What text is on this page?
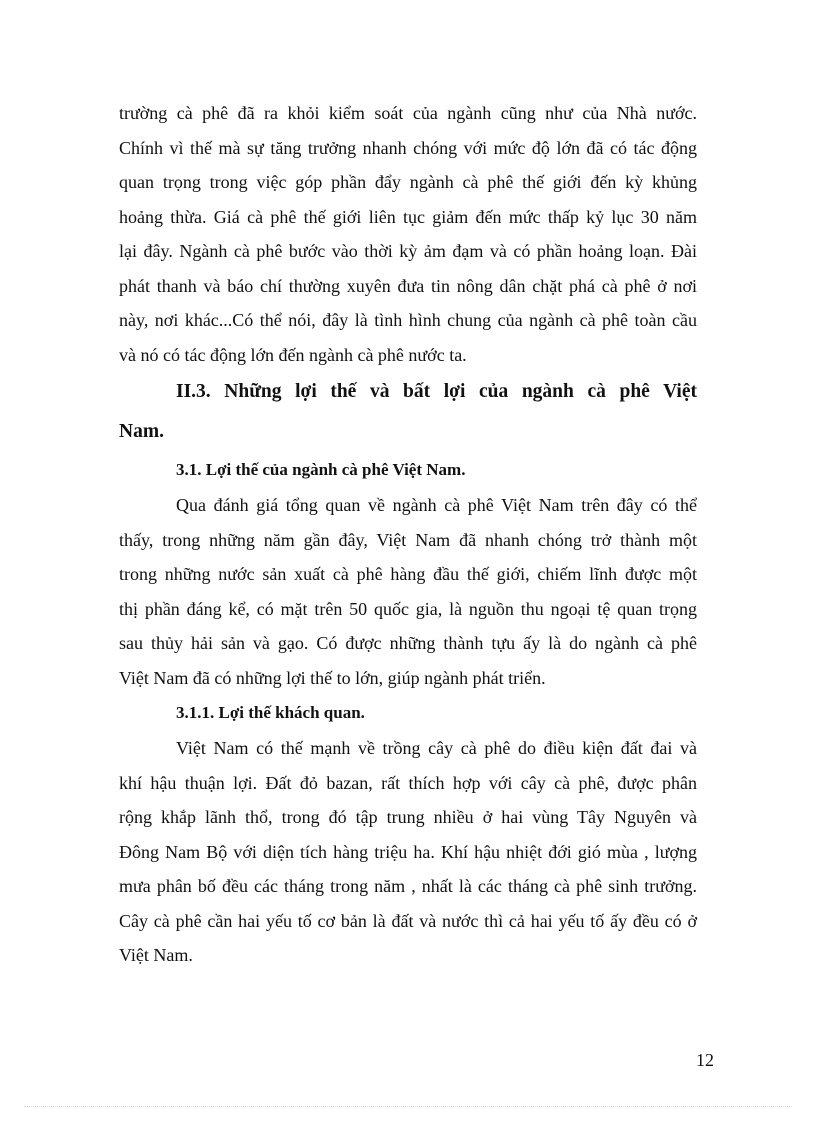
trường cà phê đã ra khỏi kiểm soát của ngành cũng như của Nhà nước.
Chính vì thế mà sự tăng trưởng nhanh chóng với mức độ lớn đã có tác động
quan trọng trong việc góp phần đẩy ngành cà phê thế giới đến kỳ khủng
hoảng thừa. Giá cà phê thế giới liên tục giảm đến mức thấp kỷ lục 30 năm
lại đây. Ngành cà phê bước vào thời kỳ ảm đạm và có phần hoảng loạn. Đài
phát thanh và báo chí thường xuyên đưa tin nông dân chặt phá cà phê ở nơi
này, nơi khác...Có thể nói, đây là tình hình chung của ngành cà phê toàn cầu
và nó có tác động lớn đến ngành cà phê nước ta.
II.3. Những lợi thế và bất lợi của ngành cà phê Việt
Nam.
3.1. Lợi thế của ngành cà phê Việt Nam.
Qua đánh giá tổng quan về ngành cà phê Việt Nam trên đây có thể
thấy, trong những năm gần đây, Việt Nam đã nhanh chóng trở thành một
trong những nước sản xuất cà phê hàng đầu thế giới, chiếm lĩnh được một
thị phần đáng kể, có mặt trên 50 quốc gia, là nguồn thu ngoại tệ quan trọng
sau thủy hải sản và gạo. Có được những thành tựu ấy là do ngành cà phê
Việt Nam đã có những lợi thế to lớn, giúp ngành phát triển.
3.1.1. Lợi thế khách quan.
Việt Nam có thế mạnh về trồng cây cà phê do điều kiện đất đai và
khí hậu thuận lợi. Đất đỏ bazan, rất thích hợp với cây cà phê, được phân
rộng khắp lãnh thổ, trong đó tập trung nhiều ở hai vùng Tây Nguyên và
Đông Nam Bộ với diện tích hàng triệu ha. Khí hậu nhiệt đới gió mùa , lượng
mưa phân bố đều các tháng trong năm , nhất là các tháng cà phê sinh trưởng.
Cây cà phê cần hai yếu tố cơ bản là đất và nước thì cả hai yếu tố ấy đều có ở
Việt Nam.
12
